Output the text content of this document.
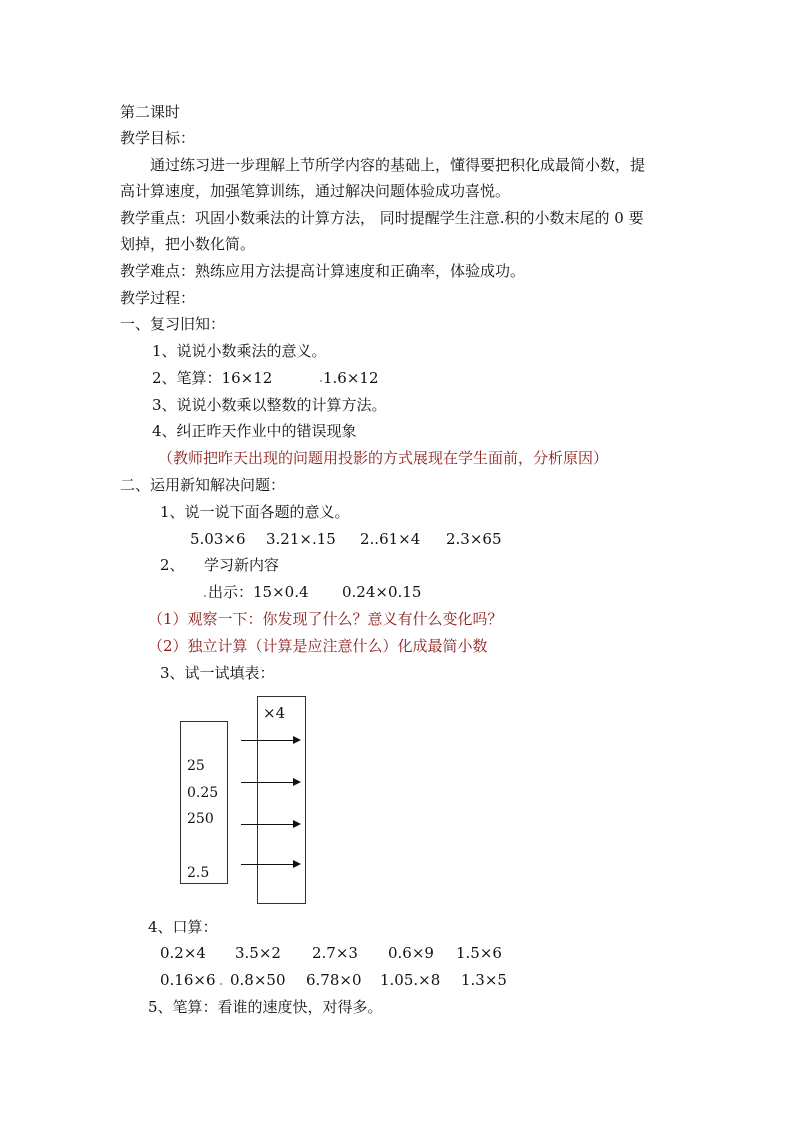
第二课时
教学目标：
通过练习进一步理解上节所学内容的基础上，懂得要把积化成最简小数，提
高计算速度，加强笔算训练，通过解决问题体验成功喜悦。
教学重点：巩固小数乘法的计算方法， 同时提醒学生注意.积的小数末尾的 0 要
划掉，把小数化简。
教学难点：熟练应用方法提高计算速度和正确率，体验成功。
教学过程：
一、复习旧知：
1、说说小数乘法的意义。
2、笔算：16×12	1.6×12
3、说说小数乘以整数的计算方法。
4、纠正昨天作业中的错误现象
（教师把昨天出现的问题用投影的方式展现在学生面前，分析原因）
二、运用新知解决问题：
1、说一说下面各题的意义。
5.03×6 3.21×.15 2..61×4 2.3×65
2、 学习新内容
出示：15×0.4 0.24×0.15
（1）观察一下：你发现了什么？意义有什么变化吗？
（2）独立计算（计算是应注意什么）化成最简小数
3、试一试填表：
×4
25
0.25
250
2.5
4、口算：
0.2×4 3.5×2 2.7×3 0.6×9 1.5×6
0.16×6 0.8×50 6.78×0 1.05.×8 1.3×5
5、笔算：看谁的速度快，对得多。
